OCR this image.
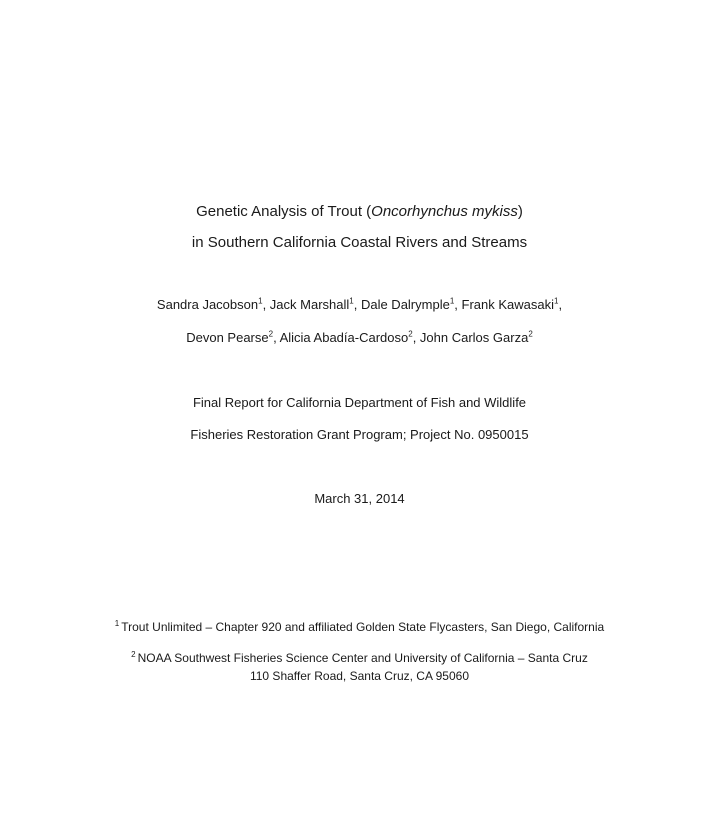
Genetic Analysis of Trout (Oncorhynchus mykiss)
in Southern California Coastal Rivers and Streams
Sandra Jacobson$^1$, Jack Marshall$^1$, Dale Dalrymple$^1$, Frank Kawasaki$^1$,
Devon Pearse$^2$, Alicia Abadía-Cardoso$^2$, John Carlos Garza$^2$
Final Report for California Department of Fish and Wildlife
Fisheries Restoration Grant Program; Project No. 0950015
March 31, 2014
$^1$ Trout Unlimited – Chapter 920 and affiliated Golden State Flycasters, San Diego, California
$^2$ NOAA Southwest Fisheries Science Center and University of California – Santa Cruz
110 Shaffer Road, Santa Cruz, CA 95060
